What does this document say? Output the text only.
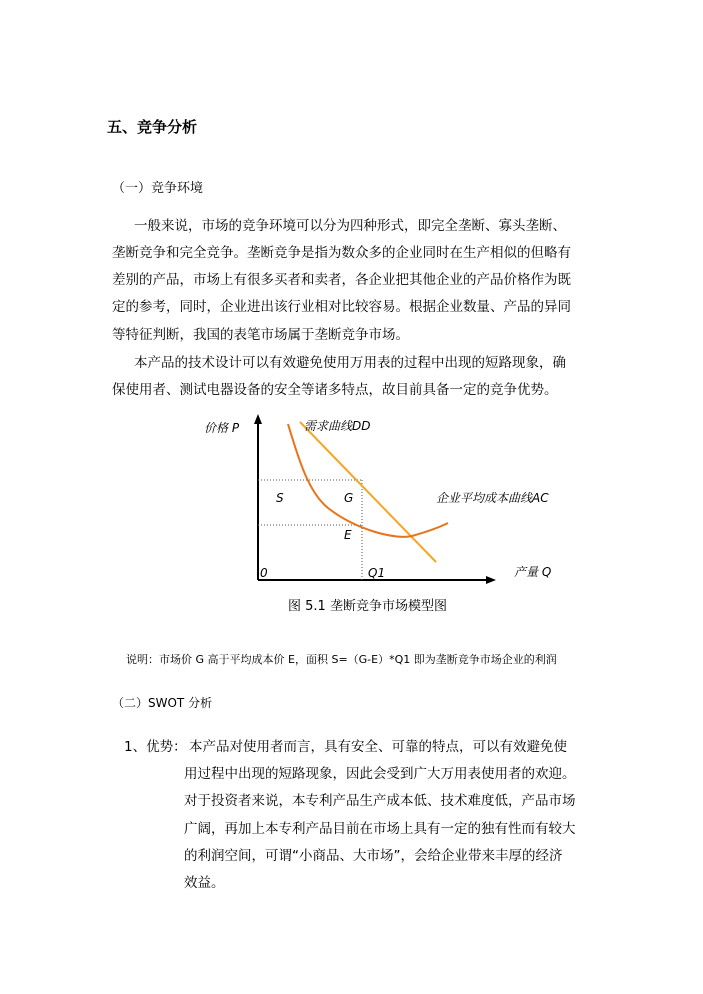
五、竞争分析
（一）竞争环境
一般来说，市场的竞争环境可以分为四种形式，即完全垄断、寡头垄断、
垄断竞争和完全竞争。垄断竞争是指为数众多的企业同时在生产相似的但略有
差别的产品，市场上有很多买者和卖者，各企业把其他企业的产品价格作为既
定的参考，同时，企业进出该行业相对比较容易。根据企业数量、产品的异同
等特征判断，我国的表笔市场属于垄断竞争市场。
本产品的技术设计可以有效避免使用万用表的过程中出现的短路现象，确
保使用者、测试电器设备的安全等诸多特点，故目前具备一定的竞争优势。
价格 P	需求曲线DD
企业平均成本曲线AC
S	G
E
0	Q1	产量 Q
图 5.1 垄断竞争市场模型图
说明：市场价 G 高于平均成本价 E，面积 S=（G-E）*Q1 即为垄断竞争市场企业的利润
（二）SWOT 分析
1、优势： 本产品对使用者而言，具有安全、可靠的特点，可以有效避免使
用过程中出现的短路现象，因此会受到广大万用表使用者的欢迎。
对于投资者来说，本专利产品生产成本低、技术难度低，产品市场
广阔，再加上本专利产品目前在市场上具有一定的独有性而有较大
的利润空间，可谓“小商品、大市场”，会给企业带来丰厚的经济
效益。
